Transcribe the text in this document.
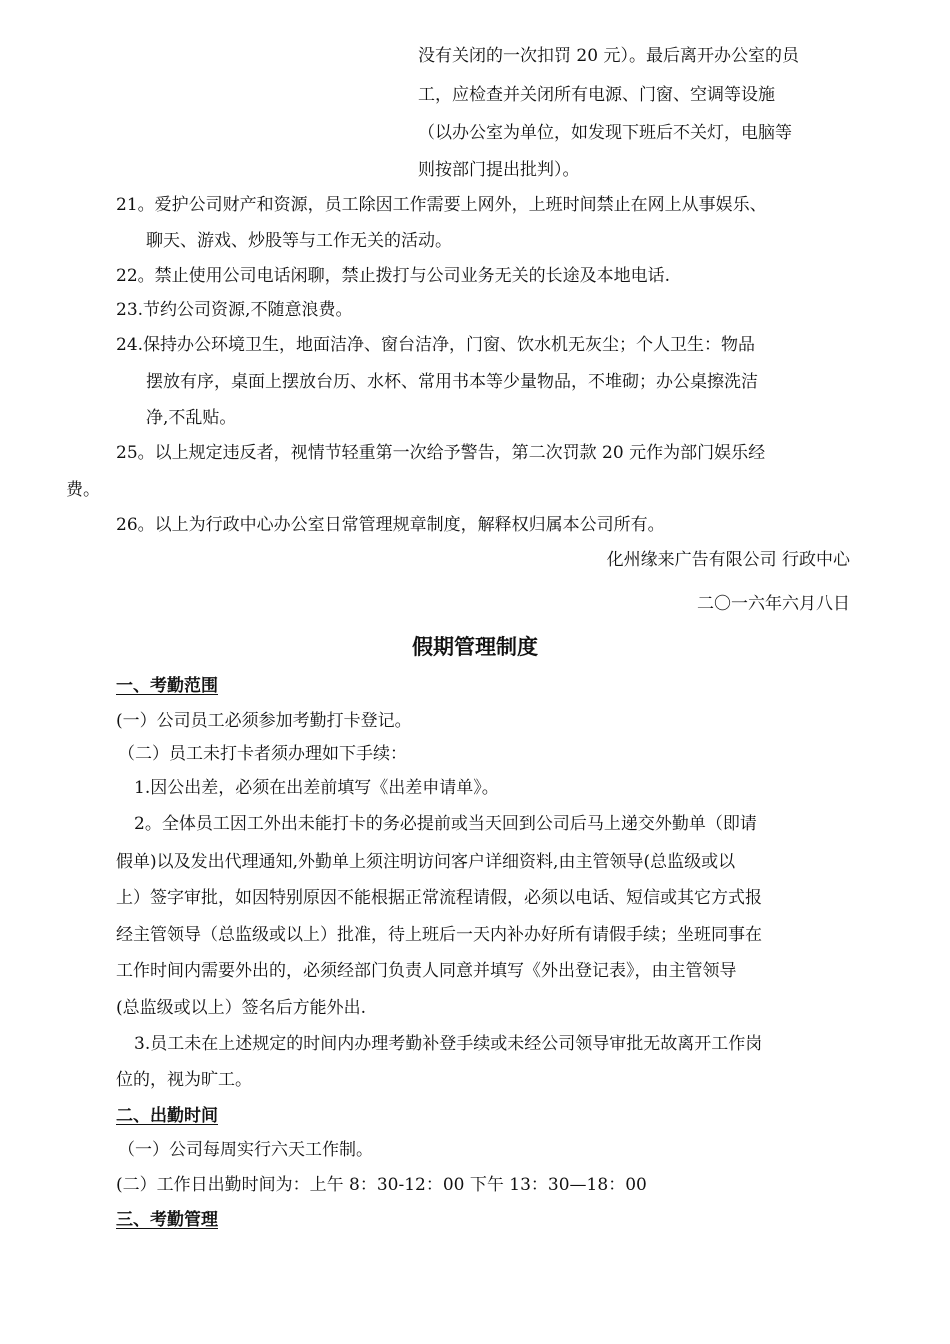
没有关闭的一次扣罚 20 元）。最后离开办公室的员
工，应检查并关闭所有电源、门窗、空调等设施
（以办公室为单位，如发现下班后不关灯，电脑等
则按部门提出批判）。
21。爱护公司财产和资源，员工除因工作需要上网外，上班时间禁止在网上从事娱乐、
聊天、游戏、炒股等与工作无关的活动。
22。禁止使用公司电话闲聊，禁止拨打与公司业务无关的长途及本地电话.
23.节约公司资源,不随意浪费。
24.保持办公环境卫生，地面洁净、窗台洁净，门窗、饮水机无灰尘；个人卫生：物品
摆放有序，桌面上摆放台历、水杯、常用书本等少量物品，不堆砌；办公桌擦洗洁
净,不乱贴。
25。以上规定违反者，视情节轻重第一次给予警告，第二次罚款 20 元作为部门娱乐经
费。
26。以上为行政中心办公室日常管理规章制度，解释权归属本公司所有。
化州缘来广告有限公司 行政中心
二〇一六年六月八日
假期管理制度
一、考勤范围
(一）公司员工必须参加考勤打卡登记。
（二）员工未打卡者须办理如下手续：
1.因公出差，必须在出差前填写《出差申请单》。
2。全体员工因工外出未能打卡的务必提前或当天回到公司后马上递交外勤单（即请
假单)以及发出代理通知,外勤单上须注明访问客户详细资料,由主管领导(总监级或以
上）签字审批，如因特别原因不能根据正常流程请假，必须以电话、短信或其它方式报
经主管领导（总监级或以上）批准，待上班后一天内补办好所有请假手续；坐班同事在
工作时间内需要外出的，必须经部门负责人同意并填写《外出登记表》，由主管领导
(总监级或以上）签名后方能外出.
3.员工未在上述规定的时间内办理考勤补登手续或未经公司领导审批无故离开工作岗
位的，视为旷工。
二、出勤时间
（一）公司每周实行六天工作制。
(二）工作日出勤时间为：上午 8：30-12：00 下午 13：30—18：00
三、考勤管理
